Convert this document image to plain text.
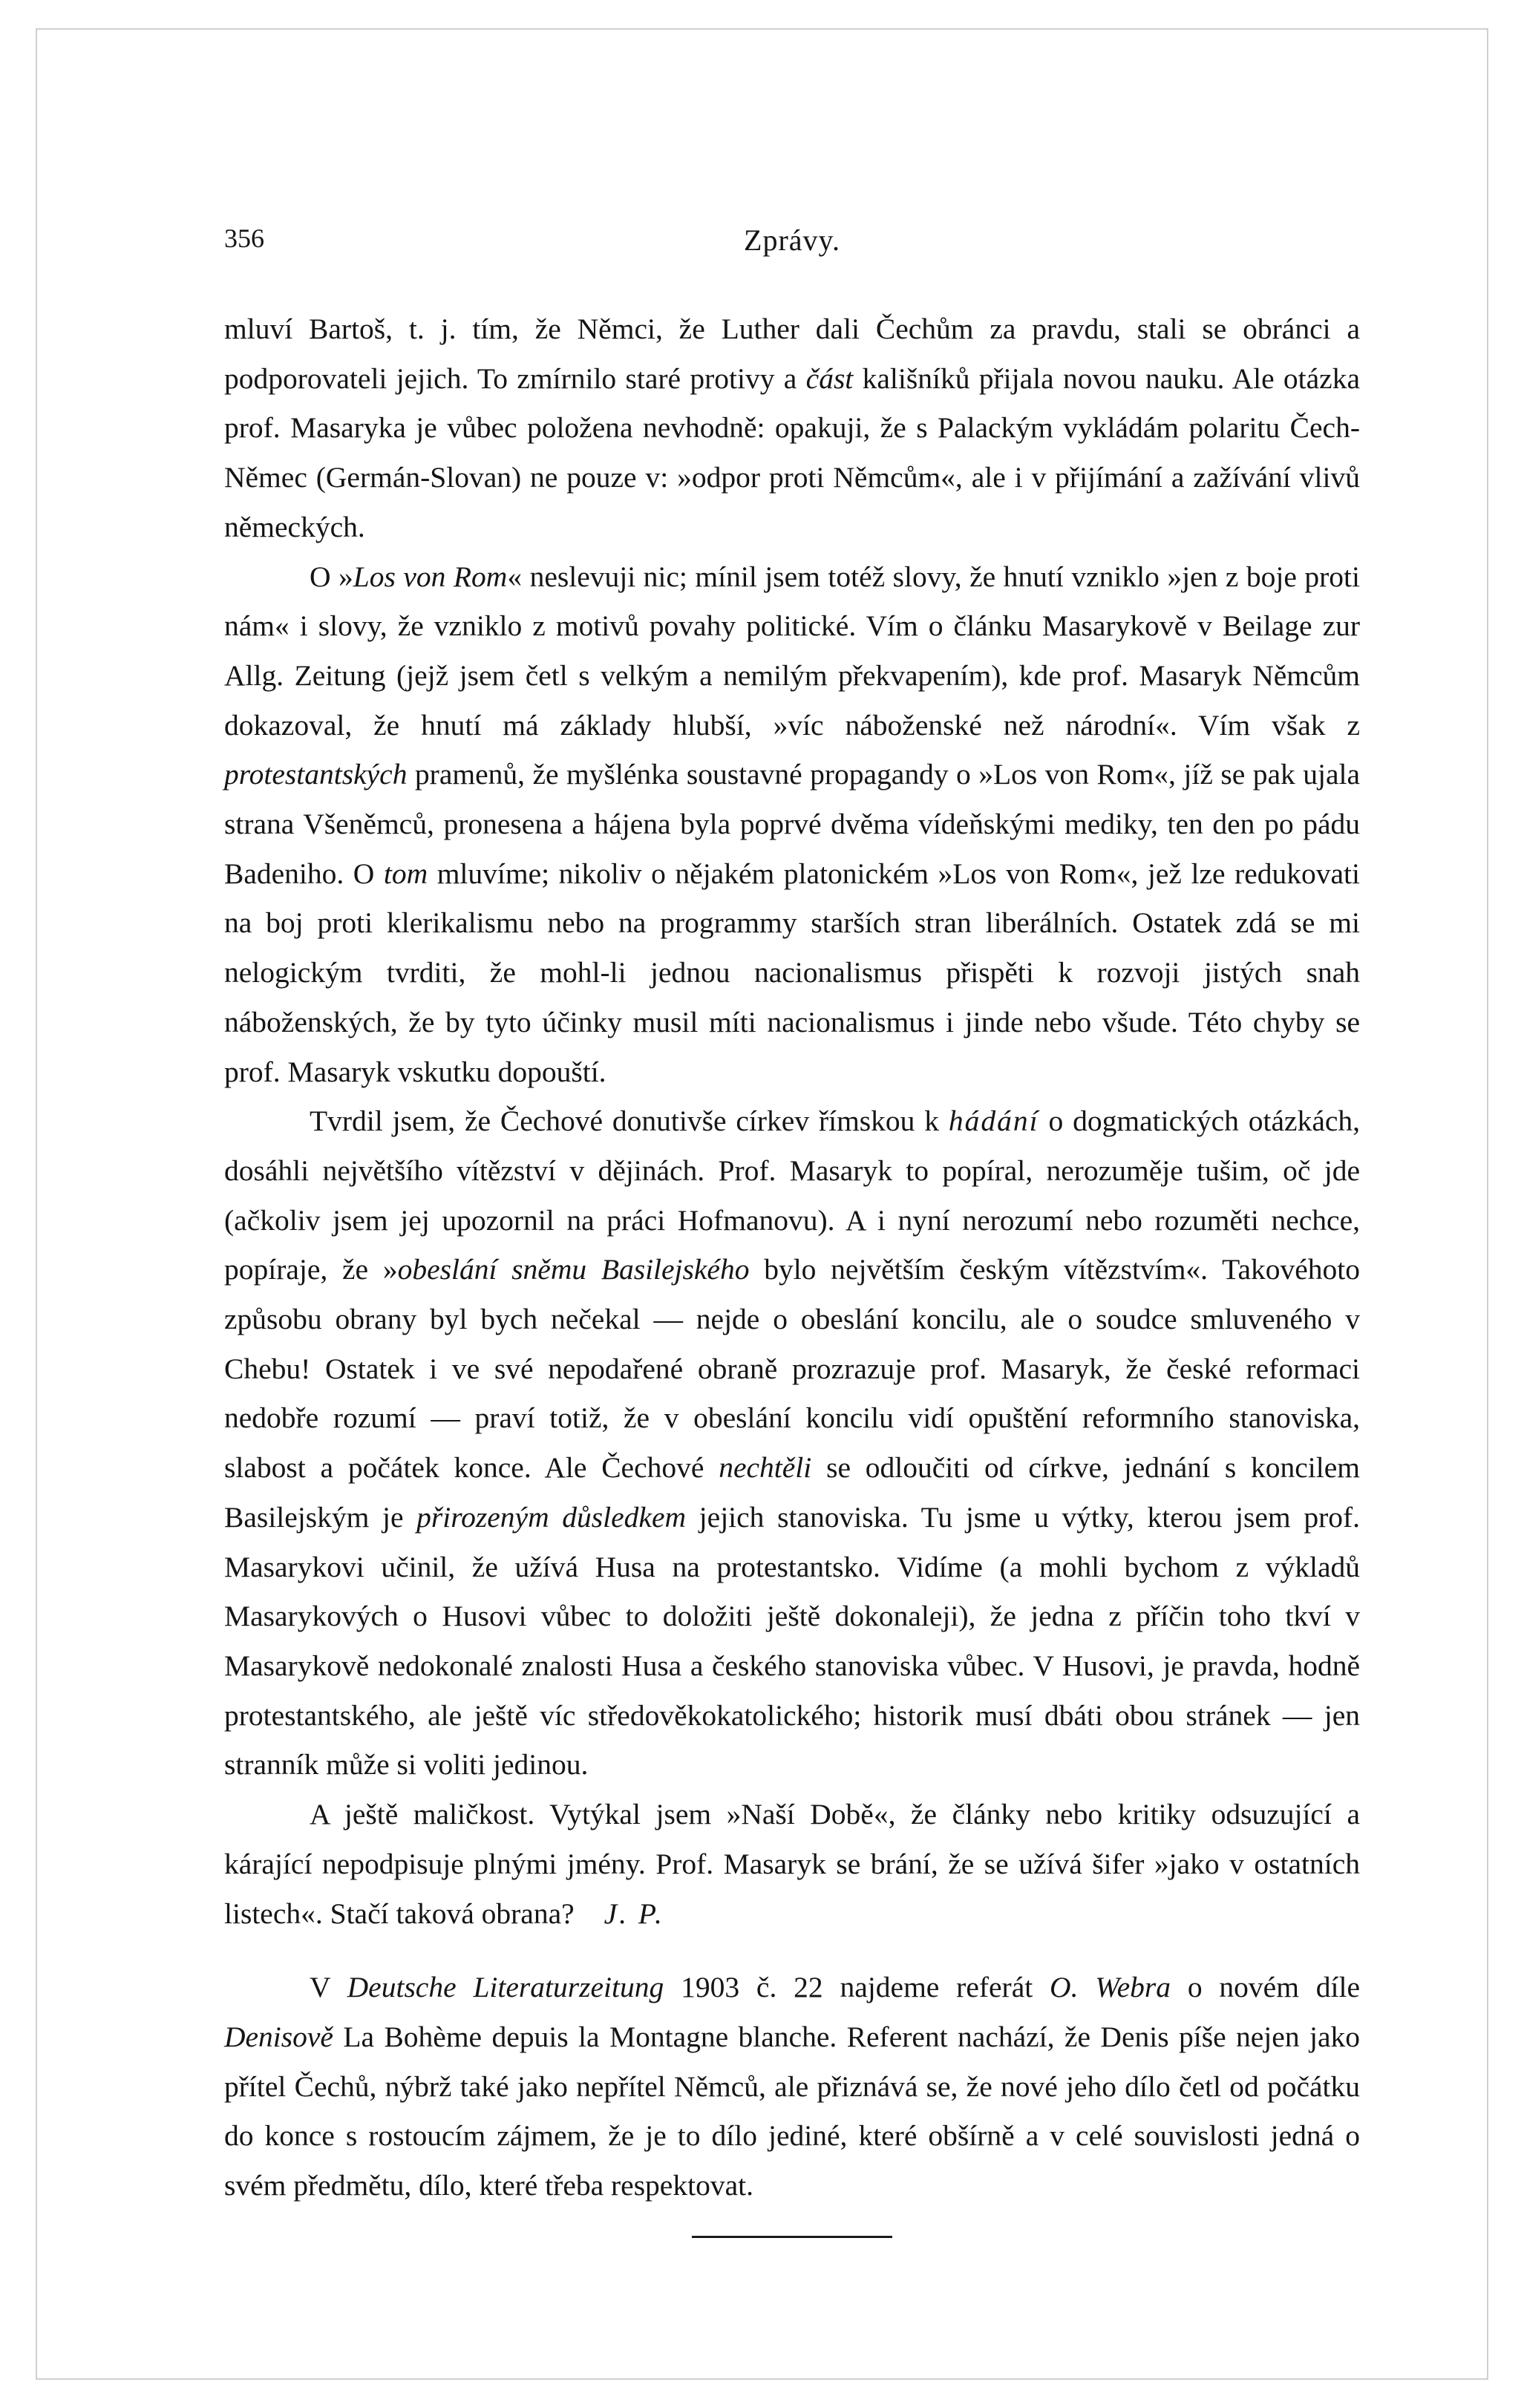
356	Zprávy.

mluví Bartoš, t. j. tím, že Němci, že Luther dali Čechům za pravdu, stali se obránci a podporovateli jejich. To zmírnilo staré protivy a část kališníků přijala novou nauku. Ale otázka prof. Masaryka je vůbec položena nevhodně: opakuji, že s Palackým vykládám polaritu Čech-Němec (Germán-Slovan) ne pouze v: »odpor proti Němcům«, ale i v přijímání a zažívání vlivů německých.

O »Los von Rom« neslevuji nic; mínil jsem totéž slovy, že hnutí vzniklo »jen z boje proti nám« i slovy, že vzniklo z motivů povahy politické. Vím o článku Masarykově v Beilage zur Allg. Zeitung (jejž jsem četl s velkým a nemilým překvapením), kde prof. Masaryk Němcům dokazoval, že hnutí má základy hlubší, »víc náboženské než národní«. Vím však z protestantských pramenů, že myšlénka soustavné propagandy o »Los von Rom«, jíž se pak ujala strana Všeněmců, pronesena a hájena byla poprvé dvěma vídeňskými mediky, ten den po pádu Badeniho. O tom mluvíme; nikoliv o nějakém platonickém »Los von Rom«, jež lze redukovati na boj proti klerikalismu nebo na programmy starších stran liberálních. Ostatek zdá se mi nelogickým tvrditi, že mohl-li jednou nacionalismus přispěti k rozvoji jistých snah náboženských, že by tyto účinky musil míti nacionalismus i jinde nebo všude. Této chyby se prof. Masaryk vskutku dopouští.

Tvrdil jsem, že Čechové donutivše církev římskou k hádání o dogmatických otázkách, dosáhli největšího vítězství v dějinách. Prof. Masaryk to popíral, nerozuměje tušim, oč jde (ačkoliv jsem jej upozornil na práci Hofmanovu). A i nyní nerozumí nebo rozuměti nechce, popíraje, že »obeslání sněmu Basilejského bylo největším českým vítězstvím«. Takovéhoto způsobu obrany byl bych nečekal — nejde o obeslání koncilu, ale o soudce smluveného v Chebu! Ostatek i ve své nepodařené obraně prozrazuje prof. Masaryk, že české reformaci nedobře rozumí — praví totiž, že v obeslání koncilu vidí opuštění reformního stanoviska, slabost a počátek konce. Ale Čechové nechtěli se odloučiti od církve, jednání s koncilem Basilejským je přirozeným důsledkem jejich stanoviska. Tu jsme u výtky, kterou jsem prof. Masarykovi učinil, že užívá Husa na protestantsko. Vidíme (a mohli bychom z výkladů Masarykových o Husovi vůbec to doložiti ještě dokonaleji), že jedna z příčin toho tkví v Masarykově nedokonalé znalosti Husa a českého stanoviska vůbec. V Husovi, je pravda, hodně protestantského, ale ještě víc středověkokatolického; historik musí dbáti obou stránek — jen stranník může si voliti jedinou.

A ještě maličkost. Vytýkal jsem »Naší Době«, že články nebo kritiky odsuzující a kárající nepodpisuje plnými jmény. Prof. Masaryk se brání, že se užívá šifer »jako v ostatních listech«. Stačí taková obrana? J. P.

V Deutsche Literaturzeitung 1903 č. 22 najdeme referát O. Webra o novém díle Denisově La Bohème depuis la Montagne blanche. Referent nachází, že Denis píše nejen jako přítel Čechů, nýbrž také jako nepřítel Němců, ale přiznává se, že nové jeho dílo četl od počátku do konce s rostoucím zájmem, že je to dílo jediné, které obšírně a v celé souvislosti jedná o svém předmětu, dílo, které třeba respektovat.
